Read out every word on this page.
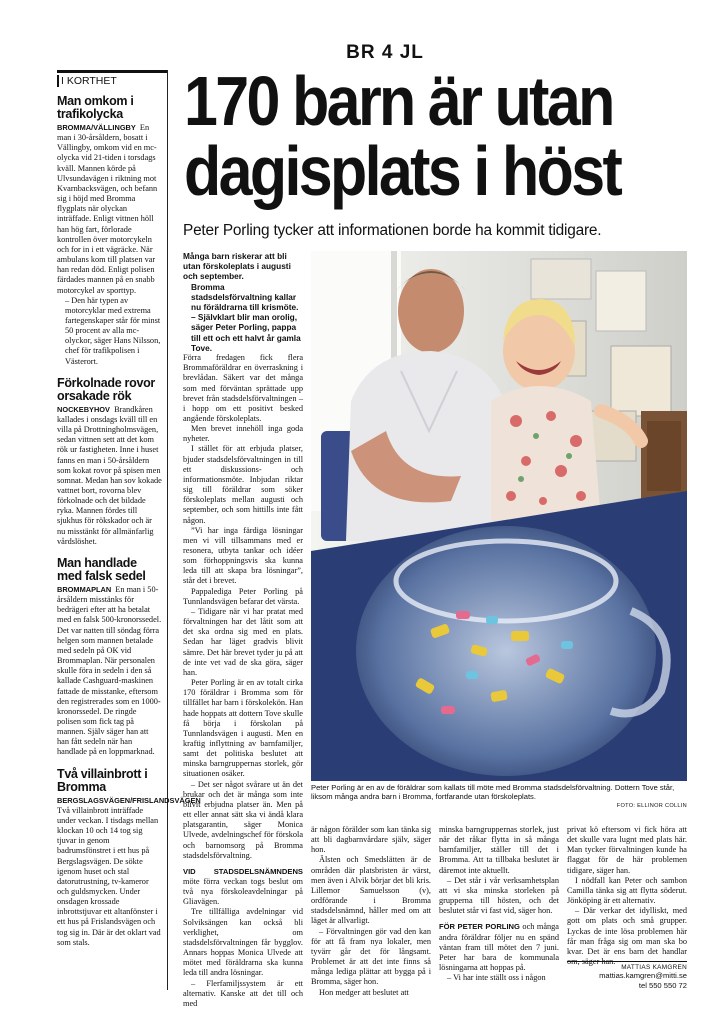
BR 4 JL
I KORTHET
Man omkom i trafikolycka

BROMMA/VÄLLINGBY En man i 30-årsåldern, bosatt i Vällingby, omkom vid en mc-olycka vid 21-tiden i torsdags kväll. Mannen körde på Ulvsundavägen i riktning mot Kvarnbacksvägen, och befann sig i höjd med Bromma flygplats när olyckan inträffade. Enligt vittnen höll han hög fart, förlorade kontrollen över motorcykeln och for in i ett vägräcke. När ambulans kom till platsen var han redan död. Enligt polisen färdades mannen på en snabb motorcykel av sporttyp.

– Den här typen av motorcyklar med extrema fartegenskaper står för minst 50 procent av alla mc-olyckor, säger Hans Nilsson, chef för trafikpolisen i Västerort.

Förkolnade rovor orsakade rök

NOCKEBYHOV Brandkåren kallades i onsdags kväll till en villa på Drottningholmsvägen, sedan vittnen sett att det kom rök ur fastigheten. Inne i huset fanns en man i 50-årsåldern som kokat rovor på spisen men somnat. Medan han sov kokade vattnet bort, rovorna blev förkolnade och det bildade rykа. Mannen fördes till sjukhus för rökskador och är nu misstänkt för allmänfarlig vårdslöshet.

Man handlade med falsk sedel

BROMMAPLAN En man i 50-årsåldern misstänks för bedrägeri efter att ha betalat med en falsk 500-kronorssedel. Det var natten till söndag förra helgen som mannen betalade med sedeln på OK vid Brommaplan. När personalen skulle föra in sedeln i den så kallade Cashguard-maskinen fattade de misstanke, eftersom den registrerades som en 1000-kronorssedel. De ringde polisen som fick tag på mannen. Själv säger han att han fått sedeln när han handlade på en loppmarknad.

Två villainbrott i Bromma

BERGSLAGSVÄGEN/FRISLANDSVÄGEN Två villainbrott inträffade under veckan. I tisdags mellan klockan 10 och 14 tog sig tjuvar in genom badrumsfönstret i ett hus på Bergslagsvägen. De sökte igenom huset och stal datorutrustning, tv-kameror och guldsmycken. Under onsdagen krossade inbrottstjuvar ett altanfönster i ett hus på Frislandsvägen och tog sig in. Där är det oklart vad som stals.

170 barn är utan
dagisplats i höst
Peter Porling tycker att informationen borde ha kommit tidigare.

Många barn riskerar att bli utan förskoleplats i augusti och september.

Bromma stadsdelsförvaltning kallar nu föräldrarna till krismöte.

– Självklart blir man orolig, säger Peter Porling, pappa till ett och ett halvt år gamla Tove.

Förra fredagen fick flera Brommaföräldrar en överraskning i brevlådan. Säkert var det många som med förväntan sprättade upp brevet från stadsdelsförvaltningen – i hopp om ett positivt besked angående förskoleplats.

Men brevet innehöll inga goda nyheter.

I stället för att erbjuda platser, bjuder stadsdelsförvaltningen in till ett diskussions- och informationsmöte. Inbjudan riktar sig till föräldrar som söker förskoleplats mellan augusti och september, och som hittills inte fått någon.

”Vi har inga färdiga lösningar men vi vill tillsammans med er resonera, utbyta tankar och idéer som förhoppningsvis ska kunna leda till att skapa bra lösningar”, står det i brevet.

Pappalediga Peter Porling på Tunnlandsvägen befarar det värsta.

– Tidigare när vi har pratat med förvaltningen har det låtit som att det ska ordna sig med en plats. Sedan har läget gradvis blivit sämre. Det här brevet tyder ju på att de inte vet vad de ska göra, säger han.

Peter Porling är en av totalt cirka 170 föräldrar i Bromma som för tillfället har barn i förskolekön. Han hade hoppats att dottern Tove skulle få börja i förskolan på Tunnlandsvägen i augusti. Men en kraftig inflyttning av barnfamiljer, samt det politiska beslutet att minska barngruppernas storlek, gör situationen osäker.

– Det ser något svårare ut än det brukar och det är många som inte blivit erbjudna platser än. Men på ett eller annat sätt ska vi ändå klara platsgarantin, säger Monica Ulvede, avdelningschef för förskola och barnomsorg på Bromma stadsdelsförvaltning.

VID STADSDELSNÄMNDENS möte förra veckan togs beslut om två nya förskoleavdelningar på Gliavägen.

Tre tillfälliga avdelningar vid Solviksängen kan också bli verklighet, om stadsdelsförvaltningen får bygglov. Annars hoppas Monica Ulvede att mötet med föräldrarna ska kunna leda till andra lösningar.

– Flerfamiljssystem är ett alternativ. Kanske att det till och med

Peter Porling är en av de föräldrar som kallats till möte med Bromma stadsdelsförvaltning. Dottern Tove står, liksom många andra barn i Bromma, fortfarande utan förskoleplats.
FOTO: ELLINOR COLLIN

är någon förälder som kan tänka sig att bli dagbarnvårdare själv, säger hon.

Älsten och Smedslätten är de områden där platsbristen är värst, men även i Alvik börjar det bli kris. Lillemor Samuelsson (v), ordförande i Bromma stadsdelsnämnd, håller med om att läget är allvarligt.

– Förvaltningen gör vad den kan för att få fram nya lokaler, men tyvärr går det för långsamt. Problemet är att det inte finns så många lediga plättar att bygga på i Bromma, säger hon.

Hon medger att beslutet att

minska barngruppernas storlek, just när det råkar flytta in så många barnfamiljer, ställer till det i Bromma. Att ta tillbaka beslutet är däremot inte aktuellt.

– Det står i vår verksamhetsplan att vi ska minska storleken på grupperna till hösten, och det beslutet står vi fast vid, säger hon.

FÖR PETER PORLING och många andra föräldrar följer nu en spänd väntan fram till mötet den 7 juni. Peter har bara de kommunala lösningarna att hoppas på.

– Vi har inte ställt oss i någon

privat kö eftersom vi fick höra att det skulle vara lugnt med plats här. Man tycker förvaltningen kunde ha flaggat för de här problemen tidigare, säger han.

I nödfall kan Peter och sambon Camilla tänka sig att flytta söderut. Jönköping är ett alternativ.

– Där verkar det idylliskt, med gott om plats och små grupper. Lyckas de inte lösa problemen här får man fråga sig om man ska bo kvar. Det är ens barn det handlar om, säger han.

MATTIAS KAMGREN
mattias.kamgren@mitti.se
tel 550 550 72
